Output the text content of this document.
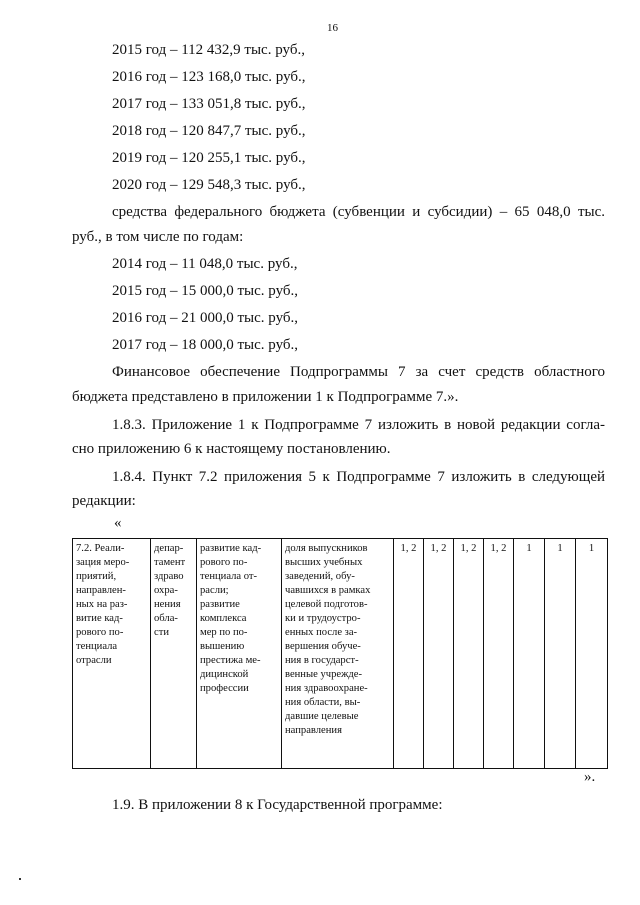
16
2015 год – 112 432,9 тыс. руб.,
2016 год – 123 168,0 тыс. руб.,
2017 год – 133 051,8 тыс. руб.,
2018 год – 120 847,7 тыс. руб.,
2019 год – 120 255,1 тыс. руб.,
2020 год – 129 548,3 тыс. руб.,
средства федерального бюджета (субвенции и субсидии) – 65 048,0 тыс.
руб., в том числе по годам:
2014 год – 11 048,0 тыс. руб.,
2015 год – 15 000,0 тыс. руб.,
2016 год – 21 000,0 тыс. руб.,
2017 год – 18 000,0 тыс. руб.,
Финансовое обеспечение Подпрограммы 7 за счет средств областного
бюджета представлено в приложении 1 к Подпрограмме 7.».
1.8.3. Приложение 1 к Подпрограмме 7 изложить в новой редакции согла-
сно приложению 6 к настоящему постановлению.
1.8.4. Пункт 7.2 приложения 5 к Подпрограмме 7 изложить в следующей
редакции:
«
7.2. Реали-
зация меро-
приятий,
направлен-
ных на раз-
витие кад-
рового по-
тенциала
отрасли	депар-
тамент
здраво
охра-
нения
обла-
сти	развитие кад-
рового по-
тенциала от-
расли;
развитие
комплекса
мер по по-
вышению
престижа ме-
дицинской
профессии	доля выпускников
высших учебных
заведений, обу-
чавшихся в рамках
целевой подготов-
ки и трудоустро-
енных после за-
вершения обуче-
ния в государст-
венные учрежде-
ния здравоохране-
ния области, вы-
давшие целевые
направления	1, 2	1, 2	1, 2	1, 2	1	1	1
».
1.9. В приложении 8 к Государственной программе:
